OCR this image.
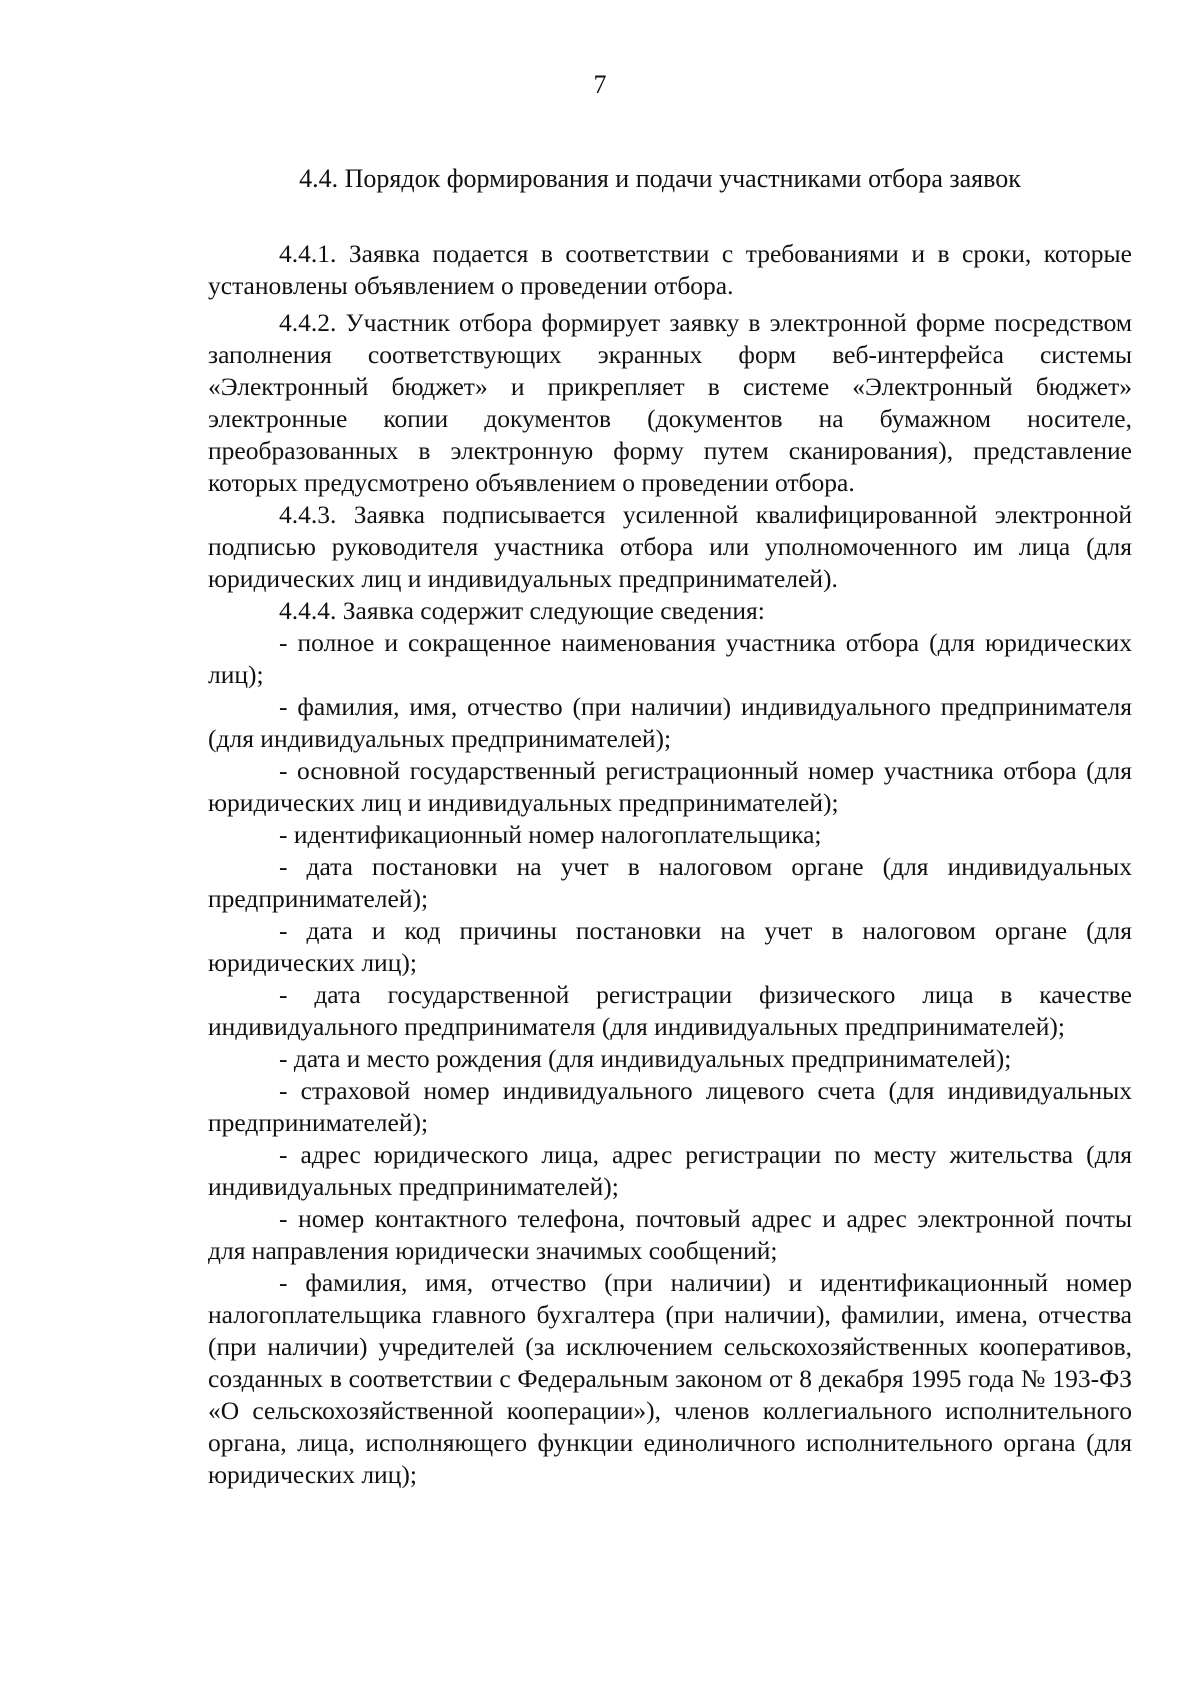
7
4.4. Порядок формирования и подачи участниками отбора заявок

4.4.1. Заявка подается в соответствии с требованиями и в сроки, которые установлены объявлением о проведении отбора.

4.4.2. Участник отбора формирует заявку в электронной форме посредством заполнения соответствующих экранных форм веб-интерфейса системы «Электронный бюджет» и прикрепляет в системе «Электронный бюджет» электронные копии документов (документов на бумажном носителе, преобразованных в электронную форму путем сканирования), представление которых предусмотрено объявлением о проведении отбора.

4.4.3. Заявка подписывается усиленной квалифицированной электронной подписью руководителя участника отбора или уполномоченного им лица (для юридических лиц и индивидуальных предпринимателей).

4.4.4. Заявка содержит следующие сведения:

- полное и сокращенное наименования участника отбора (для юридических лиц);

- фамилия, имя, отчество (при наличии) индивидуального предпринимателя (для индивидуальных предпринимателей);

- основной государственный регистрационный номер участника отбора (для юридических лиц и индивидуальных предпринимателей);

- идентификационный номер налогоплательщика;

- дата постановки на учет в налоговом органе (для индивидуальных предпринимателей);

- дата и код причины постановки на учет в налоговом органе (для юридических лиц);

- дата государственной регистрации физического лица в качестве индивидуального предпринимателя (для индивидуальных предпринимателей);

- дата и место рождения (для индивидуальных предпринимателей);

- страховой номер индивидуального лицевого счета (для индивидуальных предпринимателей);

- адрес юридического лица, адрес регистрации по месту жительства (для индивидуальных предпринимателей);

- номер контактного телефона, почтовый адрес и адрес электронной почты для направления юридически значимых сообщений;

- фамилия, имя, отчество (при наличии) и идентификационный номер налогоплательщика главного бухгалтера (при наличии), фамилии, имена, отчества (при наличии) учредителей (за исключением сельскохозяйственных кооперативов, созданных в соответствии с Федеральным законом от 8 декабря 1995 года № 193-ФЗ «О сельскохозяйственной кооперации»), членов коллегиального исполнительного органа, лица, исполняющего функции единоличного исполнительного органа (для юридических лиц);
